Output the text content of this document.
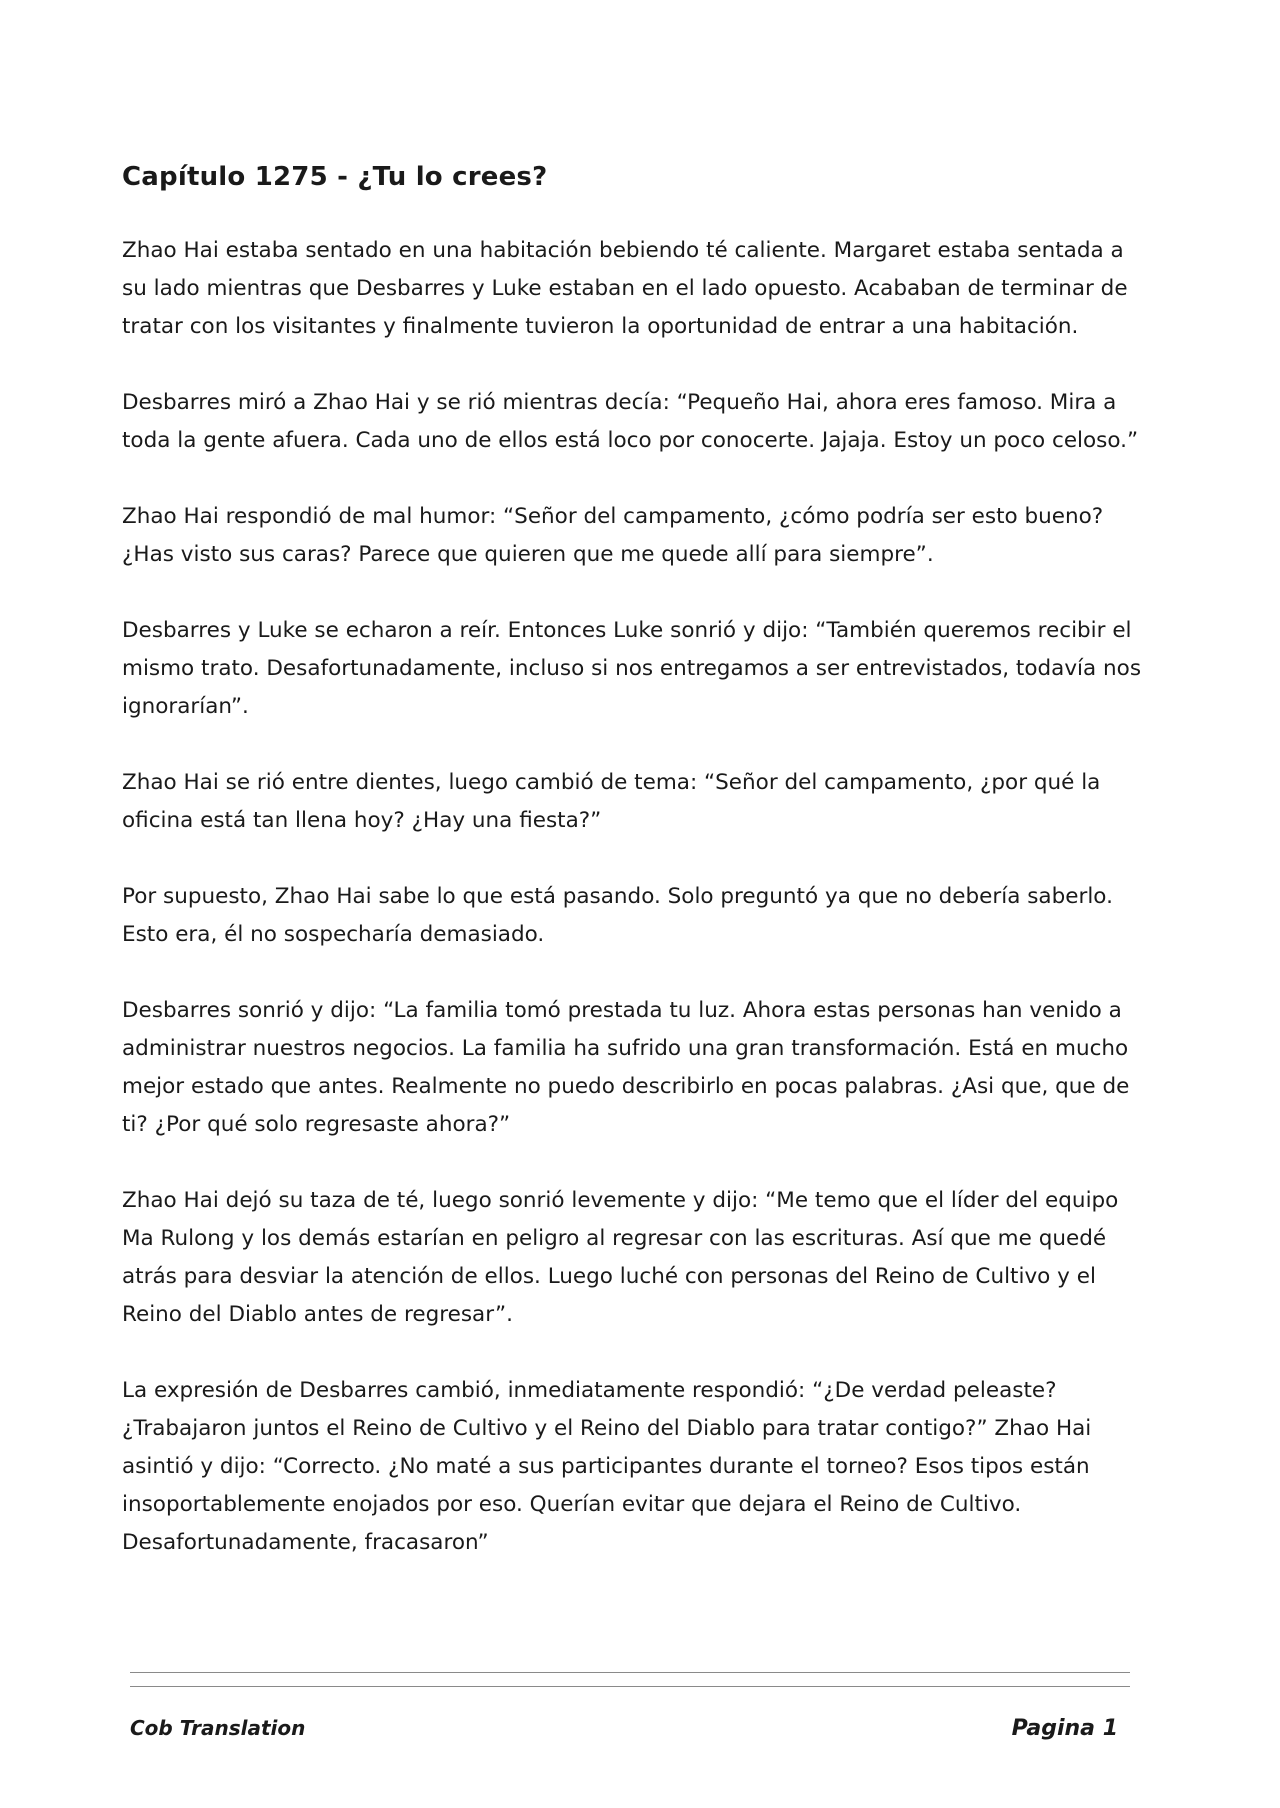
Capítulo 1275 - ¿Tu lo crees?

Zhao Hai estaba sentado en una habitación bebiendo té caliente. Margaret estaba sentada a su lado mientras que Desbarres y Luke estaban en el lado opuesto. Acababan de terminar de tratar con los visitantes y finalmente tuvieron la oportunidad de entrar a una habitación.

Desbarres miró a Zhao Hai y se rió mientras decía: “Pequeño Hai, ahora eres famoso. Mira a toda la gente afuera. Cada uno de ellos está loco por conocerte. Jajaja. Estoy un poco celoso.”

Zhao Hai respondió de mal humor: “Señor del campamento, ¿cómo podría ser esto bueno? ¿Has visto sus caras? Parece que quieren que me quede allí para siempre”.

Desbarres y Luke se echaron a reír. Entonces Luke sonrió y dijo: “También queremos recibir el mismo trato. Desafortunadamente, incluso si nos entregamos a ser entrevistados, todavía nos ignorarían”.

Zhao Hai se rió entre dientes, luego cambió de tema: “Señor del campamento, ¿por qué la oficina está tan llena hoy? ¿Hay una fiesta?”

Por supuesto, Zhao Hai sabe lo que está pasando. Solo preguntó ya que no debería saberlo. Esto era, él no sospecharía demasiado.

Desbarres sonrió y dijo: “La familia tomó prestada tu luz. Ahora estas personas han venido a administrar nuestros negocios. La familia ha sufrido una gran transformación. Está en mucho mejor estado que antes. Realmente no puedo describirlo en pocas palabras. ¿Asi que, que de ti? ¿Por qué solo regresaste ahora?”

Zhao Hai dejó su taza de té, luego sonrió levemente y dijo: “Me temo que el líder del equipo Ma Rulong y los demás estarían en peligro al regresar con las escrituras. Así que me quedé atrás para desviar la atención de ellos. Luego luché con personas del Reino de Cultivo y el Reino del Diablo antes de regresar”.

La expresión de Desbarres cambió, inmediatamente respondió: “¿De verdad peleaste? ¿Trabajaron juntos el Reino de Cultivo y el Reino del Diablo para tratar contigo?” Zhao Hai asintió y dijo: “Correcto. ¿No maté a sus participantes durante el torneo? Esos tipos están insoportablemente enojados por eso. Querían evitar que dejara el Reino de Cultivo. Desafortunadamente, fracasaron”

Cob Translation	Pagina 1
